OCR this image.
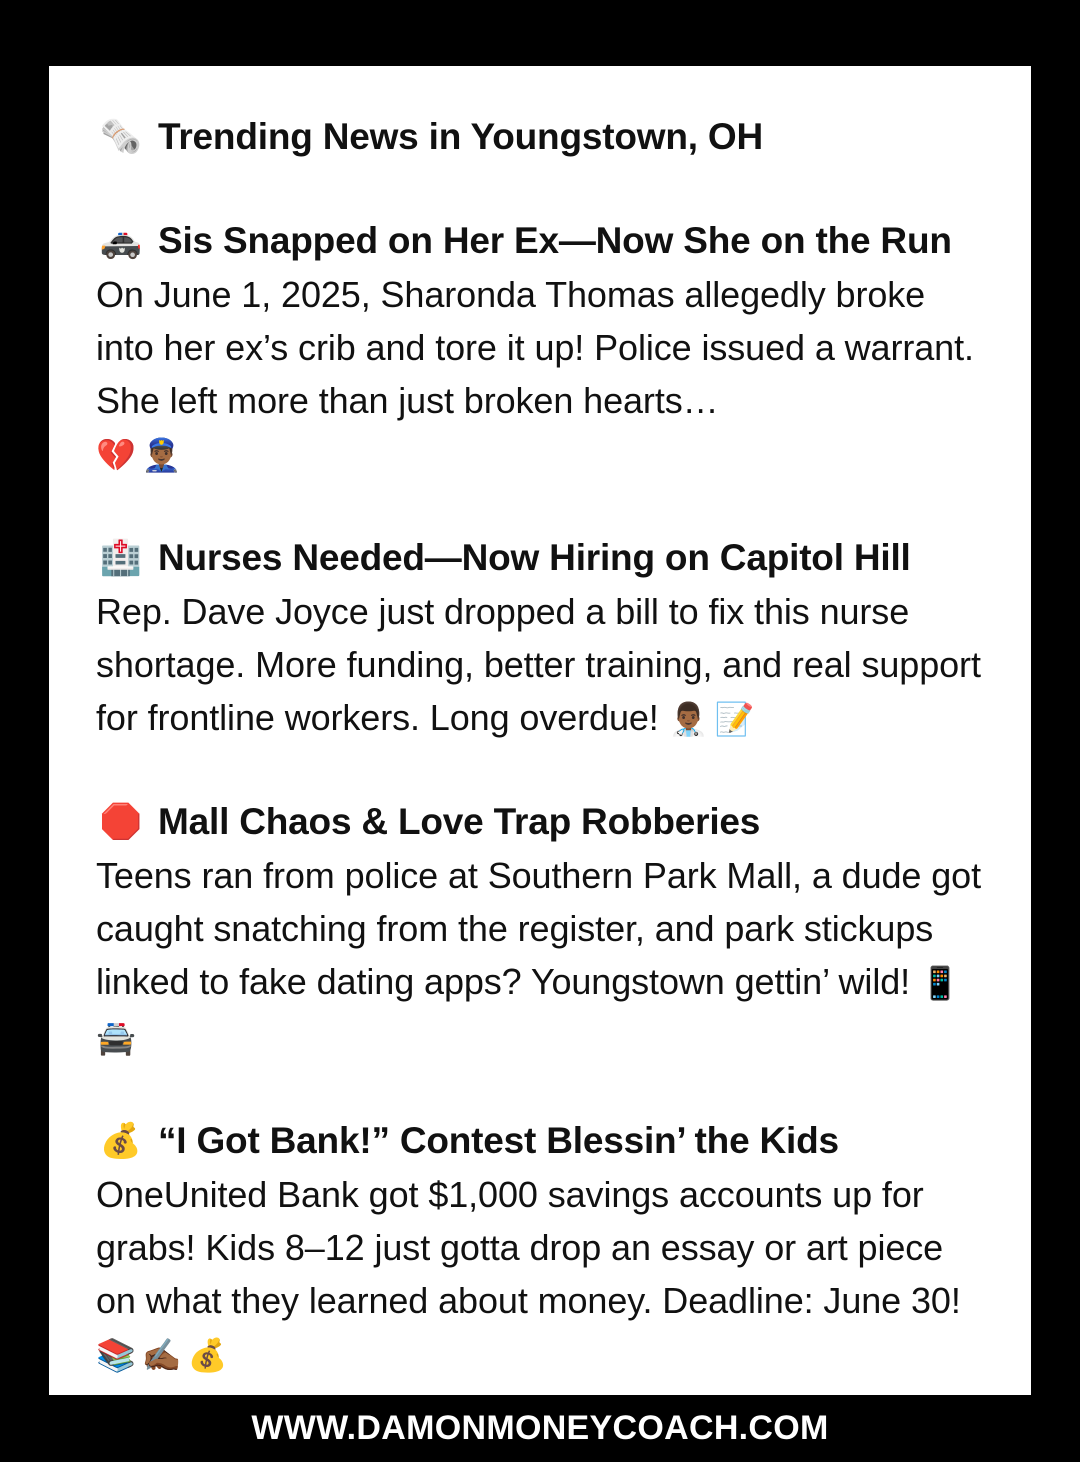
🗞️ Trending News in Youngstown, OH
🚓 Sis Snapped on Her Ex—Now She on the Run

On June 1, 2025, Sharonda Thomas allegedly broke into her ex’s crib and tore it up! Police issued a warrant. She left more than just broken hearts…
💔👮🏾‍♂️

🏥 Nurses Needed—Now Hiring on Capitol Hill

Rep. Dave Joyce just dropped a bill to fix this nurse shortage. More funding, better training, and real support for frontline workers. Long overdue! 👨🏾‍⚕️📝

🛑 Mall Chaos & Love Trap Robberies

Teens ran from police at Southern Park Mall, a dude got caught snatching from the register, and park stickups linked to fake dating apps? Youngstown gettin’ wild! 📱🚔

💰 “I Got Bank!” Contest Blessin’ the Kids

OneUnited Bank got $1,000 savings accounts up for grabs! Kids 8–12 just gotta drop an essay or art piece on what they learned about money. Deadline: June 30! 📚✍🏾💰

WWW.DAMONMONEYCOACH.COM
